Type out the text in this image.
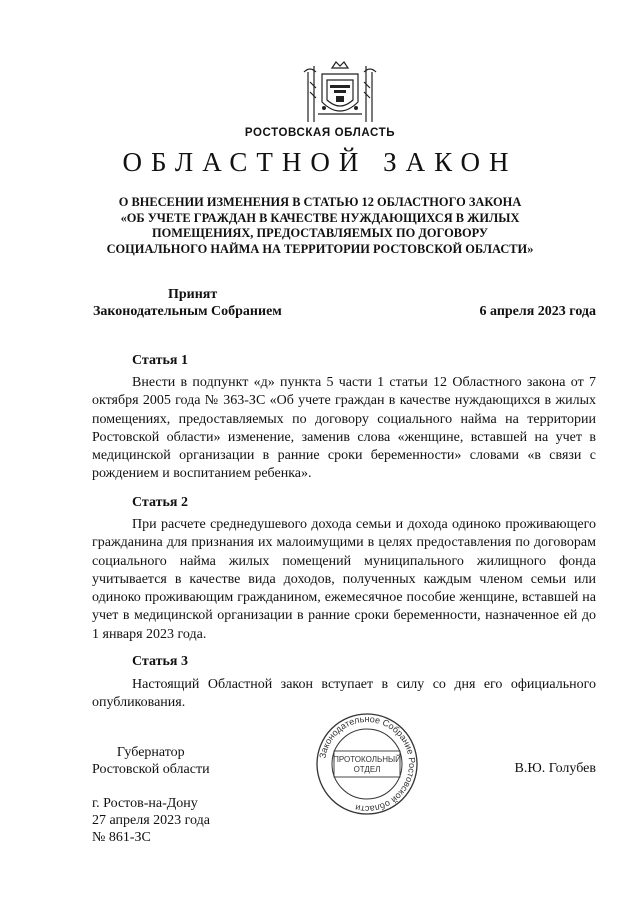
РОСТОВСКАЯ ОБЛАСТЬ
ОБЛАСТНОЙ ЗАКОН
О ВНЕСЕНИИ ИЗМЕНЕНИЯ В СТАТЬЮ 12 ОБЛАСТНОГО ЗАКОНА
«ОБ УЧЕТЕ ГРАЖДАН В КАЧЕСТВЕ НУЖДАЮЩИХСЯ В ЖИЛЫХ
ПОМЕЩЕНИЯХ, ПРЕДОСТАВЛЯЕМЫХ ПО ДОГОВОРУ
СОЦИАЛЬНОГО НАЙМА НА ТЕРРИТОРИИ РОСТОВСКОЙ ОБЛАСТИ»
Принят
Законодательным Собранием	6 апреля 2023 года
Статья 1

Внести в подпункт «д» пункта 5 части 1 статьи 12 Областного закона от 7 октября 2005 года № 363-ЗС «Об учете граждан в качестве нуждающихся в жилых помещениях, предоставляемых по договору социального найма на территории Ростовской области» изменение, заменив слова «женщине, вставшей на учет в медицинской организации в ранние сроки беременности» словами «в связи с рождением и воспитанием ребенка».

Статья 2

При расчете среднедушевого дохода семьи и дохода одиноко проживающего гражданина для признания их малоимущими в целях предоставления по договорам социального найма жилых помещений муниципального жилищного фонда учитывается в качестве вида доходов, полученных каждым членом семьи или одиноко проживающим гражданином, ежемесячное пособие женщине, вставшей на учет в медицинской организации в ранние сроки беременности, назначенное ей до 1 января 2023 года.

Статья 3

Настоящий Областной закон вступает в силу со дня его официального опубликования.

Губернатор
Ростовской области
Законодательное Собрание Ростовской области
ПРОТОКОЛЬНЫЙ
ОТДЕЛ	В.Ю. Голубев
г. Ростов-на-Дону
27 апреля 2023 года
№ 861-ЗС
